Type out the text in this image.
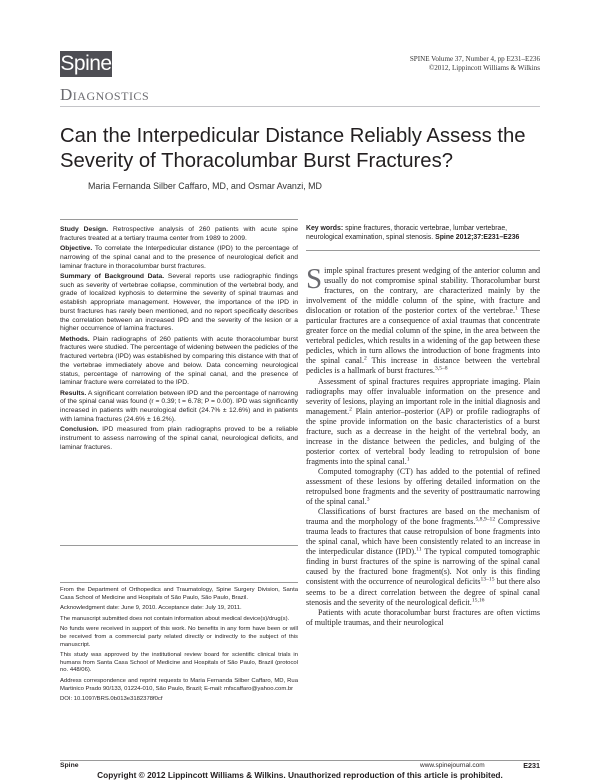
Spine
Diagnostics
SPINE Volume 37, Number 4, pp E231–E236
©2012, Lippincott Williams & Wilkins
Can the Interpedicular Distance Reliably Assess the Severity of Thoracolumbar Burst Fractures?
Maria Fernanda Silber Caffaro, MD, and Osmar Avanzi, MD

Study Design. Retrospective analysis of 260 patients with acute spine fractures treated at a tertiary trauma center from 1989 to 2009.

Objective. To correlate the Interpedicular distance (IPD) to the percentage of narrowing of the spinal canal and to the presence of neurological deficit and laminar fracture in thoracolumbar burst fractures.

Summary of Background Data. Several reports use radiographic findings such as severity of vertebrae collapse, comminution of the vertebral body, and grade of localized kyphosis to determine the severity of spinal traumas and establish appropriate management. However, the importance of the IPD in burst fractures has rarely been mentioned, and no report specifically describes the correlation between an increased IPD and the severity of the lesion or a higher occurrence of lamina fractures.

Methods. Plain radiographs of 260 patients with acute thoracolumbar burst fractures were studied. The percentage of widening between the pedicles of the fractured vertebra (IPD) was established by comparing this distance with that of the vertebrae immediately above and below. Data concerning neurological status, percentage of narrowing of the spinal canal, and the presence of laminar fracture were correlated to the IPD.

Results. A significant correlation between IPD and the percentage of narrowing of the spinal canal was found (r = 0.39; t = 6.78; P = 0.00). IPD was significantly increased in patients with neurological deficit (24.7% ± 12.6%) and in patients with lamina fractures (24.6% ± 16.2%).

Conclusion. IPD measured from plain radiographs proved to be a reliable instrument to assess narrowing of the spinal canal, neurological deficits, and laminar fractures.

From the Department of Orthopedics and Traumatology, Spine Surgery Division, Santa Casa School of Medicine and Hospitals of São Paulo, São Paulo, Brazil.

Acknowledgment date: June 9, 2010. Acceptance date: July 19, 2011.

The manuscript submitted does not contain information about medical device(s)/drug(s).

No funds were received in support of this work. No benefits in any form have been or will be received from a commercial party related directly or indirectly to the subject of this manuscript.

This study was approved by the institutional review board for scientific clinical trials in humans from Santa Casa School of Medicine and Hospitals of São Paulo, Brazil (protocol no. 448/06).

Address correspondence and reprint requests to Maria Fernanda Silber Caffaro, MD, Rua Martinico Prado 90/133, 01224-010, São Paulo, Brazil; E-mail: mfscaffaro@yahoo.com.br

DOI: 10.1097/BRS.0b013e3182378f0cf

Key words: spine fractures, thoracic vertebrae, lumbar vertebrae, neurological examination, spinal stenosis. Spine 2012;37:E231–E236

Simple spinal fractures present wedging of the anterior column and usually do not compromise spinal stability. Thoracolumbar burst fractures, on the contrary, are characterized mainly by the involvement of the middle column of the spine, with fracture and dislocation or rotation of the posterior cortex of the vertebrae.$^1$ These particular fractures are a consequence of axial traumas that concentrate greater force on the medial column of the spine, in the area between the vertebral pedicles, which results in a widening of the gap between these pedicles, which in turn allows the introduction of bone fragments into the spinal canal.$^2$ This increase in distance between the vertebral pedicles is a hallmark of burst fractures.$^{3,5-8}$

Assessment of spinal fractures requires appropriate imaging. Plain radiographs may offer invaluable information on the presence and severity of lesions, playing an important role in the initial diagnosis and management.$^2$ Plain anterior–posterior (AP) or profile radiographs of the spine provide information on the basic characteristics of a burst fracture, such as a decrease in the height of the vertebral body, an increase in the distance between the pedicles, and bulging of the posterior cortex of vertebral body leading to retropulsion of bone fragments into the spinal canal.$^1$

Computed tomography (CT) has added to the potential of refined assessment of these lesions by offering detailed information on the retropulsed bone fragments and the severity of posttraumatic narrowing of the spinal canal.$^3$

Classifications of burst fractures are based on the mechanism of trauma and the morphology of the bone fragments.$^{5,8,9-12}$ Compressive trauma leads to fractures that cause retropulsion of bone fragments into the spinal canal, which have been consistently related to an increase in the interpedicular distance (IPD).$^{11}$ The typical computed tomographic finding in burst fractures of the spine is narrowing of the spinal canal caused by the fractured bone fragment(s). Not only is this finding consistent with the occurrence of neurological deficits$^{13-15}$ but there also seems to be a direct correlation between the degree of spinal canal stenosis and the severity of the neurological deficit.$^{15,16}$

Patients with acute thoracolumbar burst fractures are often victims of multiple traumas, and their neurological

Spine	www.spinejournal.com	E231
Copyright © 2012 Lippincott Williams & Wilkins. Unauthorized reproduction of this article is prohibited.
